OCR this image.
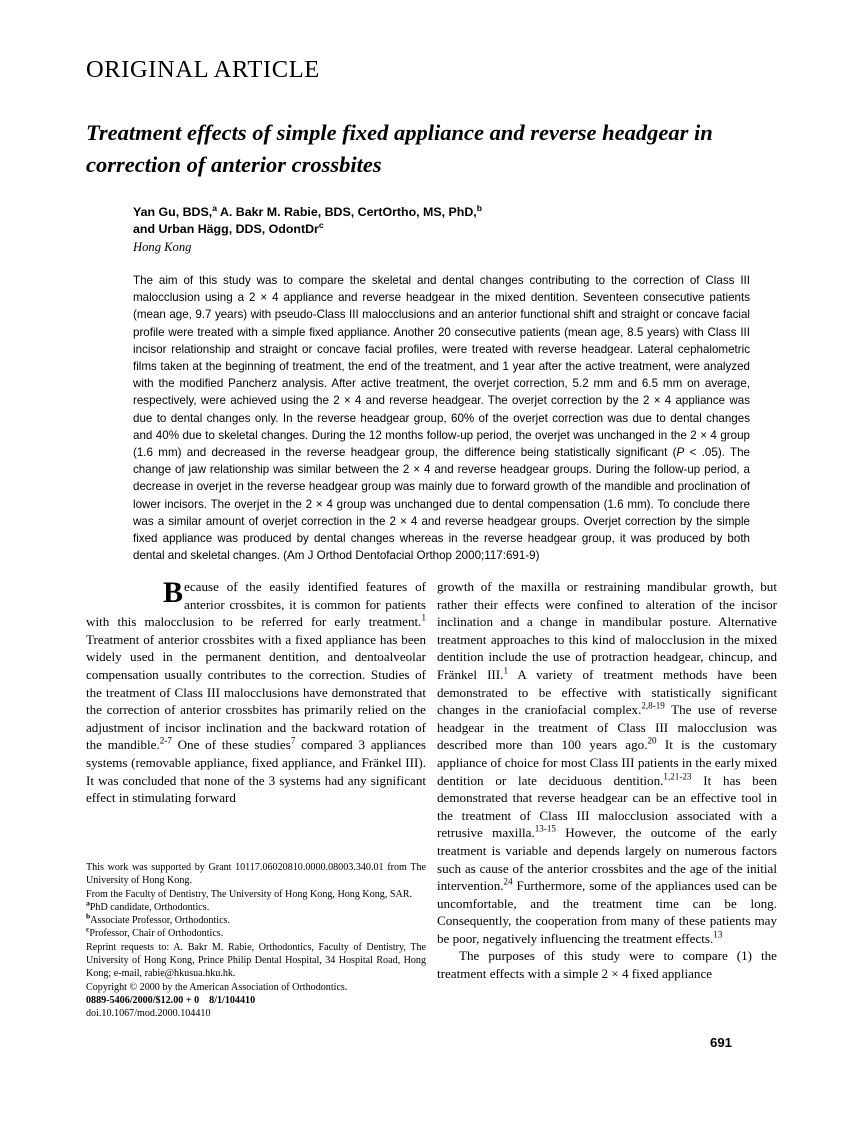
ORIGINAL ARTICLE
Treatment effects of simple fixed appliance and reverse headgear in correction of anterior crossbites
Yan Gu, BDS,$^a$ A. Bakr M. Rabie, BDS, CertOrtho, MS, PhD,$^b$
and Urban Hägg, DDS, OdontDr$^c$
Hong Kong
The aim of this study was to compare the skeletal and dental changes contributing to the correction of Class III malocclusion using a 2 × 4 appliance and reverse headgear in the mixed dentition. Seventeen consecutive patients (mean age, 9.7 years) with pseudo-Class III malocclusions and an anterior functional shift and straight or concave facial profile were treated with a simple fixed appliance. Another 20 consecutive patients (mean age, 8.5 years) with Class III incisor relationship and straight or concave facial profiles, were treated with reverse headgear. Lateral cephalometric films taken at the beginning of treatment, the end of the treatment, and 1 year after the active treatment, were analyzed with the modified Pancherz analysis. After active treatment, the overjet correction, 5.2 mm and 6.5 mm on average, respectively, were achieved using the 2 × 4 and reverse headgear. The overjet correction by the 2 × 4 appliance was due to dental changes only. In the reverse headgear group, 60% of the overjet correction was due to dental changes and 40% due to skeletal changes. During the 12 months follow-up period, the overjet was unchanged in the 2 × 4 group (1.6 mm) and decreased in the reverse headgear group, the difference being statistically significant (P < .05). The change of jaw relationship was similar between the 2 × 4 and reverse headgear groups. During the follow-up period, a decrease in overjet in the reverse headgear group was mainly due to forward growth of the mandible and proclination of lower incisors. The overjet in the 2 × 4 group was unchanged due to dental compensation (1.6 mm). To conclude there was a similar amount of overjet correction in the 2 × 4 and reverse headgear groups. Overjet correction by the simple fixed appliance was produced by dental changes whereas in the reverse headgear group, it was produced by both dental and skeletal changes. (Am J Orthod Dentofacial Orthop 2000;117:691-9)

Because of the easily identified features of anterior crossbites, it is common for patients with this malocclusion to be referred for early treatment.$^1$ Treatment of anterior crossbites with a fixed appliance has been widely used in the permanent dentition, and dentoalveolar compensation usually contributes to the correction. Studies of the treatment of Class III malocclusions have demonstrated that the correction of anterior crossbites has primarily relied on the adjustment of incisor inclination and the backward rotation of the mandible.$^{2-7}$ One of these studies$^7$ compared 3 appliances systems (removable appliance, fixed appliance, and Fränkel III). It was concluded that none of the 3 systems had any significant effect in stimulating forward

growth of the maxilla or restraining mandibular growth, but rather their effects were confined to alteration of the incisor inclination and a change in mandibular posture. Alternative treatment approaches to this kind of malocclusion in the mixed dentition include the use of protraction headgear, chincup, and Fränkel III.$^1$ A variety of treatment methods have been demonstrated to be effective with statistically significant changes in the craniofacial complex.$^{2,8-19}$ The use of reverse headgear in the treatment of Class III malocclusion was described more than 100 years ago.$^{20}$ It is the customary appliance of choice for most Class III patients in the early mixed dentition or late deciduous dentition.$^{1,21-23}$ It has been demonstrated that reverse headgear can be an effective tool in the treatment of Class III malocclusion associated with a retrusive maxilla.$^{13-15}$ However, the outcome of the early treatment is variable and depends largely on numerous factors such as cause of the anterior crossbites and the age of the initial intervention.$^{24}$ Furthermore, some of the appliances used can be uncomfortable, and the treatment time can be long. Consequently, the cooperation from many of these patients may be poor, negatively influencing the treatment effects.$^{13}$

The purposes of this study were to compare (1) the treatment effects with a simple 2 × 4 fixed appliance

This work was supported by Grant 10117.06020810.0000.08003.340.01 from The University of Hong Kong.

From the Faculty of Dentistry, The University of Hong Kong, Hong Kong, SAR.

$^a$PhD candidate, Orthodontics.

$^b$Associate Professor, Orthodontics.

$^c$Professor, Chair of Orthodontics.

Reprint requests to: A. Bakr M. Rabie, Orthodontics, Faculty of Dentistry, The University of Hong Kong, Prince Philip Dental Hospital, 34 Hospital Road, Hong Kong; e-mail, rabie@hkusua.hku.hk.

Copyright © 2000 by the American Association of Orthodontics.

0889-5406/2000/$12.00 + 0 8/1/104410

doi.10.1067/mod.2000.104410

691
